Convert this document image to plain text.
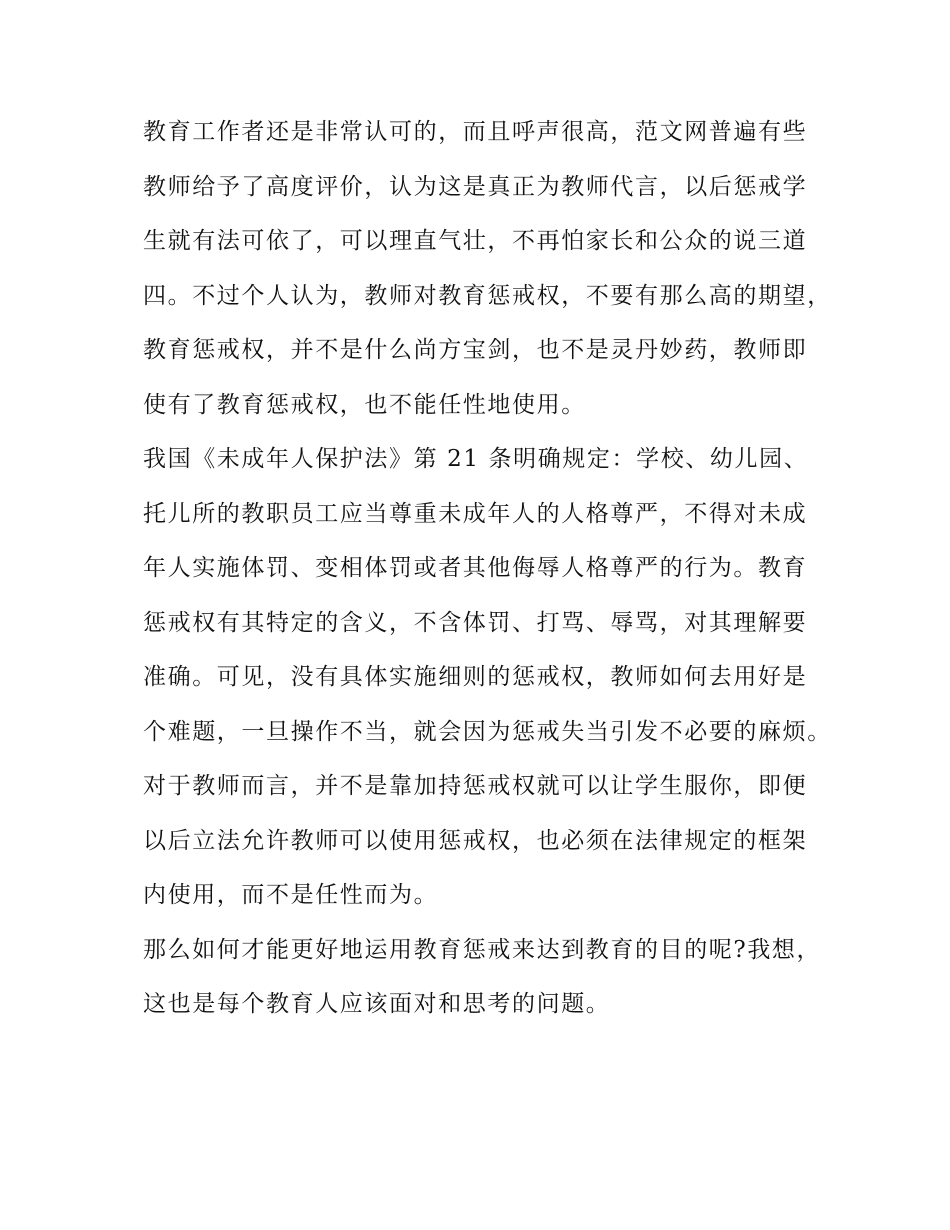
教育工作者还是非常认可的，而且呼声很高，范文网普遍有些
教师给予了高度评价，认为这是真正为教师代言，以后惩戒学
生就有法可依了，可以理直气壮，不再怕家长和公众的说三道
四。不过个人认为，教师对教育惩戒权，不要有那么高的期望，
教育惩戒权，并不是什么尚方宝剑，也不是灵丹妙药，教师即
使有了教育惩戒权，也不能任性地使用。
我国《未成年人保护法》第 21 条明确规定：学校、幼儿园、
托儿所的教职员工应当尊重未成年人的人格尊严，不得对未成
年人实施体罚、变相体罚或者其他侮辱人格尊严的行为。教育
惩戒权有其特定的含义，不含体罚、打骂、辱骂，对其理解要
准确。可见，没有具体实施细则的惩戒权，教师如何去用好是
个难题，一旦操作不当，就会因为惩戒失当引发不必要的麻烦。
对于教师而言，并不是靠加持惩戒权就可以让学生服你，即便
以后立法允许教师可以使用惩戒权，也必须在法律规定的框架
内使用，而不是任性而为。
那么如何才能更好地运用教育惩戒来达到教育的目的呢?我想，
这也是每个教育人应该面对和思考的问题。
